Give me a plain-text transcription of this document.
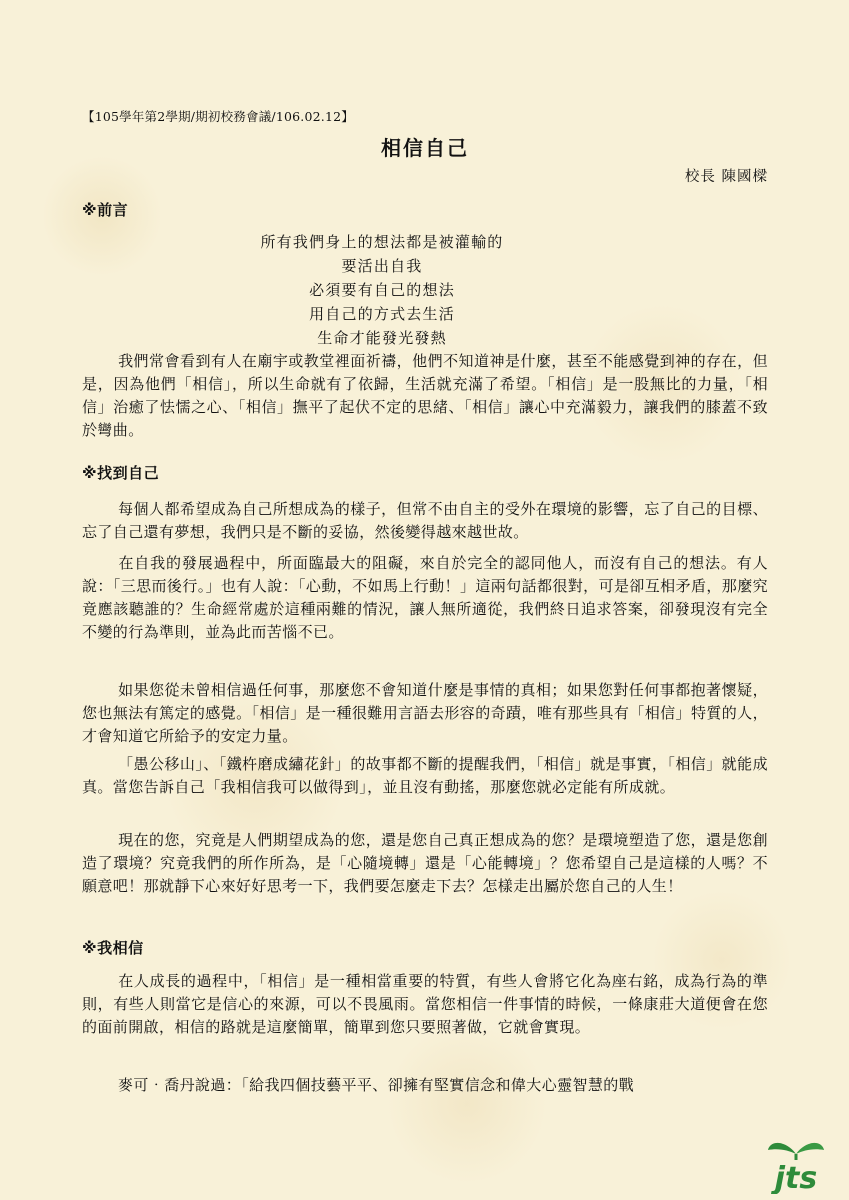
【105學年第2學期/期初校務會議/106.02.12】
相信自己
校長 陳國樑
※前言
所有我們身上的想法都是被灌輸的
要活出自我
必須要有自己的想法
用自己的方式去生活
生命才能發光發熱
我們常會看到有人在廟宇或教堂裡面祈禱，他們不知道神是什麼，甚至不能感覺到神的存在，但是，因為他們「相信」，所以生命就有了依歸，生活就充滿了希望。「相信」是一股無比的力量，「相信」治癒了怯懦之心、「相信」撫平了起伏不定的思緒、「相信」讓心中充滿毅力，讓我們的膝蓋不致於彎曲。
※找到自己
每個人都希望成為自己所想成為的樣子，但常不由自主的受外在環境的影響，忘了自己的目標、忘了自己還有夢想，我們只是不斷的妥協，然後變得越來越世故。
在自我的發展過程中，所面臨最大的阻礙，來自於完全的認同他人，而沒有自己的想法。有人說：「三思而後行。」也有人說：「心動，不如馬上行動！」這兩句話都很對，可是卻互相矛盾，那麼究竟應該聽誰的？生命經常處於這種兩難的情況，讓人無所適從，我們終日追求答案，卻發現沒有完全不變的行為準則，並為此而苦惱不已。
如果您從未曾相信過任何事，那麼您不會知道什麼是事情的真相；如果您對任何事都抱著懷疑，您也無法有篤定的感覺。「相信」是一種很難用言語去形容的奇蹟，唯有那些具有「相信」特質的人，才會知道它所給予的安定力量。
「愚公移山」、「鐵杵磨成繡花針」的故事都不斷的提醒我們，「相信」就是事實，「相信」就能成真。當您告訴自己「我相信我可以做得到」，並且沒有動搖，那麼您就必定能有所成就。
現在的您，究竟是人們期望成為的您，還是您自己真正想成為的您？是環境塑造了您，還是您創造了環境？究竟我們的所作所為，是「心隨境轉」還是「心能轉境」？您希望自己是這樣的人嗎？不願意吧！那就靜下心來好好思考一下，我們要怎麼走下去？怎樣走出屬於您自己的人生！
※我相信
在人成長的過程中，「相信」是一種相當重要的特質，有些人會將它化為座右銘，成為行為的準則，有些人則當它是信心的來源，可以不畏風雨。當您相信一件事情的時候，一條康莊大道便會在您的面前開啟，相信的路就是這麼簡單，簡單到您只要照著做，它就會實現。
麥可‧喬丹說過：「給我四個技藝平平、卻擁有堅實信念和偉大心靈智慧的戰
jts
